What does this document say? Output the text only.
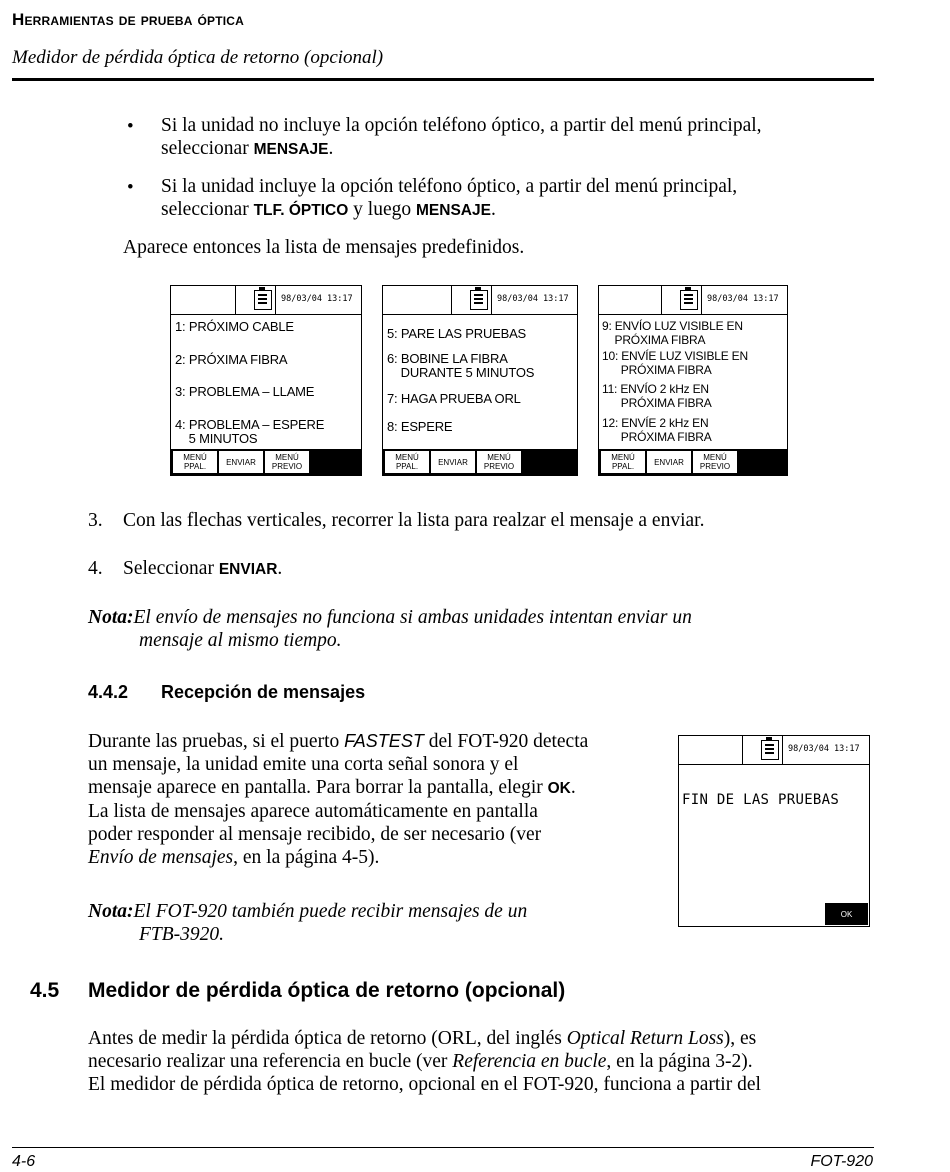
Herramientas de prueba óptica
Medidor de pérdida óptica de retorno (opcional)
• Si la unidad no incluye la opción teléfono óptico, a partir del menú principal,
seleccionar MENSAJE.
• Si la unidad incluye la opción teléfono óptico, a partir del menú principal,
seleccionar TLF. ÓPTICO y luego MENSAJE.
Aparece entonces la lista de mensajes predefinidos.
98/03/04 13:17
1: PRÓXIMO CABLE
2: PRÓXIMA FIBRA
3: PROBLEMA – LLAME
4: PROBLEMA – ESPERE
5 MINUTOS
MENÚ
PPAL.	ENVIAR	MENÚ
PREVIO
98/03/04 13:17
5: PARE LAS PRUEBAS
6: BOBINE LA FIBRA
DURANTE 5 MINUTOS
7: HAGA PRUEBA ORL
8: ESPERE
MENÚ
PPAL.	ENVIAR	MENÚ
PREVIO
98/03/04 13:17
9: ENVÍO LUZ VISIBLE EN
PRÓXIMA FIBRA
10: ENVÍE LUZ VISIBLE EN
PRÓXIMA FIBRA
11: ENVÍO 2 kHz EN
PRÓXIMA FIBRA
12: ENVÍE 2 kHz EN
PRÓXIMA FIBRA
MENÚ
PPAL.	ENVIAR	MENÚ
PREVIO
3. Con las flechas verticales, recorrer la lista para realzar el mensaje a enviar.
4. Seleccionar ENVIAR.
Nota:El envío de mensajes no funciona si ambas unidades intentan enviar un
mensaje al mismo tiempo.
4.4.2 Recepción de mensajes
Durante las pruebas, si el puerto FASTEST del FOT-920 detecta
un mensaje, la unidad emite una corta señal sonora y el
mensaje aparece en pantalla. Para borrar la pantalla, elegir OK.
La lista de mensajes aparece automáticamente en pantalla
poder responder al mensaje recibido, de ser necesario (ver
Envío de mensajes, en la página 4-5).
Nota:El FOT-920 también puede recibir mensajes de un
FTB-3920.
98/03/04 13:17
FIN DE LAS PRUEBAS
OK
4.5 Medidor de pérdida óptica de retorno (opcional)
Antes de medir la pérdida óptica de retorno (ORL, del inglés Optical Return Loss), es
necesario realizar una referencia en bucle (ver Referencia en bucle, en la página 3-2).
El medidor de pérdida óptica de retorno, opcional en el FOT-920, funciona a partir del
4-6	FOT-920
